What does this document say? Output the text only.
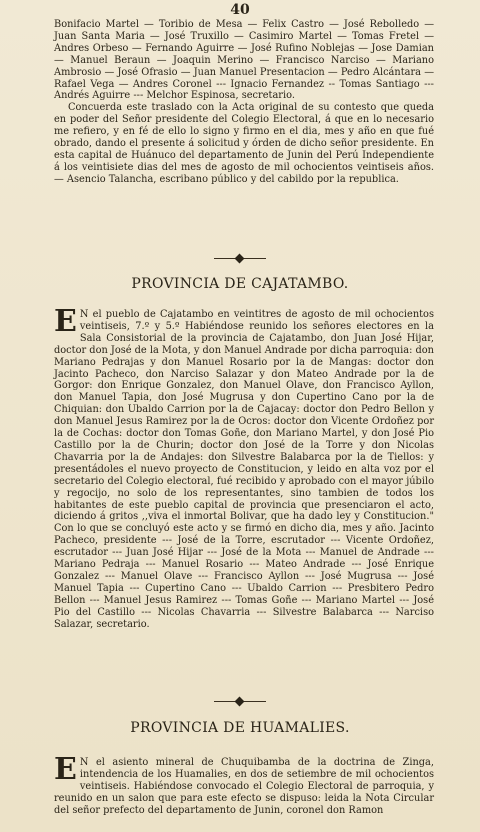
40

Bonifacio Martel — Toribio de Mesa — Felix Castro — José Rebolledo — Juan Santa Maria — José Truxillo — Casimiro Martel — Tomas Fretel — Andres Orbeso — Fernando Aguirre — José Rufino Noblejas — Jose Damian — Manuel Beraun — Joaquin Merino — Francisco Narciso — Mariano Ambrosio — José Ofrasio — Juan Manuel Presentacion — Pedro Alcántara — Rafael Vega — Andres Coronel --- Ignacio Fernandez -- Tomas Santiago --- Andrés Aguirre --- Melchor Espinosa, secretario.

Concuerda este traslado con la Acta original de su contesto que queda en poder del Señor presidente del Colegio Electoral, á que en lo necesario me refiero, y en fé de ello lo signo y firmo en el dia, mes y año en que fué obrado, dando el presente á solicitud y órden de dicho señor presidente. En esta capital de Huánuco del departamento de Junin del Perú Independiente á los veintisiete dias del mes de agosto de mil ochocientos veintiseis años. — Asencio Talancha, escribano público y del cabildo por la republica.

PROVINCIA DE CAJATAMBO.

E N el pueblo de Cajatambo en veintitres de agosto de mil ochocientos veintiseis, 7.º y 5.º Habiéndose reunido los señores electores en la Sala Consistorial de la provincia de Cajatambo, don Juan José Hijar, doctor don José de la Mota, y don Manuel Andrade por dicha parroquia: don Mariano Pedrajas y don Manuel Rosario por la de Mangas: doctor don Jacinto Pacheco, don Narciso Salazar y don Mateo Andrade por la de Gorgor: don Enrique Gonzalez, don Manuel Olave, don Francisco Ayllon, don Manuel Tapia, don José Mugrusa y don Cupertino Cano por la de Chiquian: don Ubaldo Carrion por la de Cajacay: doctor don Pedro Bellon y don Manuel Jesus Ramirez por la de Ocros: doctor don Vicente Ordoñez por la de Cochas: doctor don Tomas Goñe, don Mariano Martel, y don José Pio Castillo por la de Churin; doctor don José de la Torre y don Nicolas Chavarria por la de Andajes: don Silvestre Balabarca por la de Tiellos: y presentádoles el nuevo proyecto de Constitucion, y leido en alta voz por el secretario del Colegio electoral, fué recibido y aprobado con el mayor júbilo y regocijo, no solo de los representantes, sino tambien de todos los habitantes de este pueblo capital de provincia que presenciaron el acto, diciendo á gritos ,,viva el inmortal Bolivar, que ha dado ley y Constitucion." Con lo que se concluyó este acto y se firmó en dicho dia, mes y año. Jacinto Pacheco, presidente --- José de la Torre, escrutador --- Vicente Ordoñez, escrutador --- Juan José Hijar --- José de la Mota --- Manuel de Andrade --- Mariano Pedraja --- Manuel Rosario --- Mateo Andrade --- José Enrique Gonzalez --- Manuel Olave --- Francisco Ayllon --- José Mugrusa --- José Manuel Tapia --- Cupertino Cano --- Ubaldo Carrion --- Presbitero Pedro Bellon --- Manuel Jesus Ramirez --- Tomas Goñe --- Mariano Martel --- José Pio del Castillo --- Nicolas Chavarria --- Silvestre Balabarca --- Narciso Salazar, secretario.

PROVINCIA DE HUAMALIES.

E N el asiento mineral de Chuquibamba de la doctrina de Zinga, intendencia de los Huamalies, en dos de setiembre de mil ochocientos veintiseis. Habiéndose convocado el Colegio Electoral de parroquia, y reunido en un salon que para este efecto se dispuso: leida la Nota Circular del señor prefecto del departamento de Junin, coronel don Ramon
